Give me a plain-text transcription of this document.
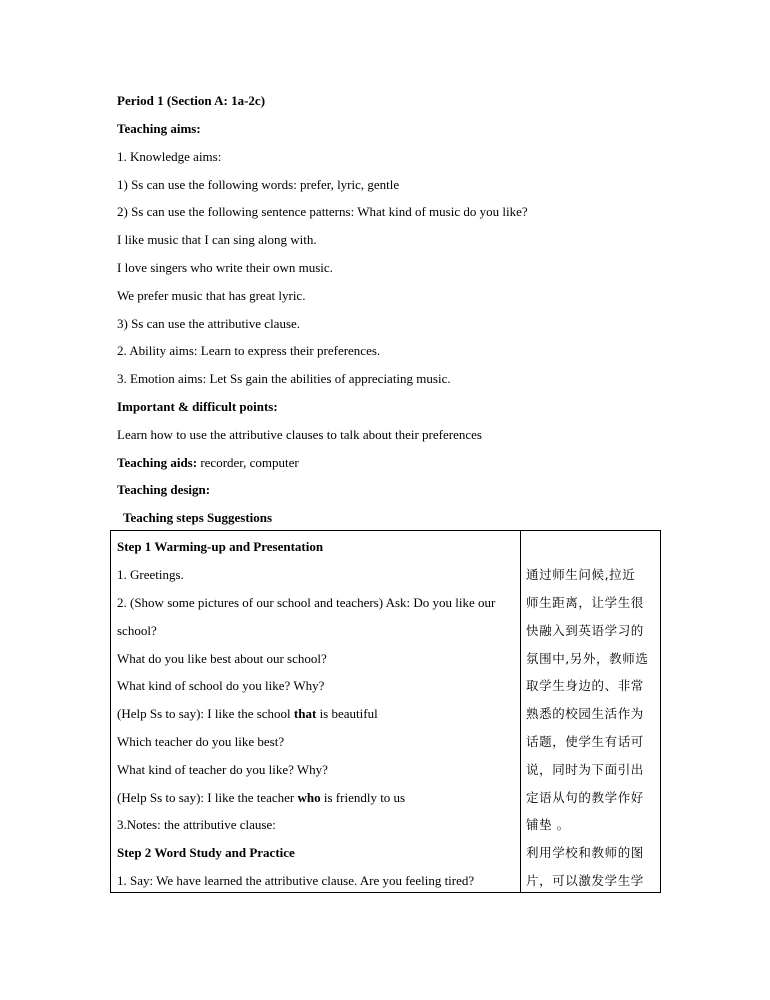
Period 1 (Section A: 1a-2c)
Teaching aims:
1. Knowledge aims:
1) Ss can use the following words: prefer, lyric, gentle
2) Ss can use the following sentence patterns: What kind of music do you like?
I like music that I can sing along with.
I love singers who write their own music.
We prefer music that has great lyric.
3) Ss can use the attributive clause.
2. Ability aims: Learn to express their preferences.
3. Emotion aims: Let Ss gain the abilities of appreciating music.
Important & difficult points:
Learn how to use the attributive clauses to talk about their preferences
Teaching aids: recorder, computer
Teaching design:
Teaching steps Suggestions
Step 1 Warming-up and Presentation
1. Greetings.
2. (Show some pictures of our school and teachers) Ask: Do you like our
school?
What do you like best about our school?
What kind of school do you like? Why?
(Help Ss to say): I like the school that is beautiful
Which teacher do you like best?
What kind of teacher do you like? Why?
(Help Ss to say): I like the teacher who is friendly to us
3.Notes: the attributive clause:
Step 2 Word Study and Practice
1. Say: We have learned the attributive clause. Are you feeling tired?
通过师生问候,拉近
师生距离，让学生很
快融入到英语学习的
氛围中,另外，教师选
取学生身边的、非常
熟悉的校园生活作为
话题，使学生有话可
说，同时为下面引出
定语从句的教学作好
铺垫 。
利用学校和教师的图
片，可以激发学生学
